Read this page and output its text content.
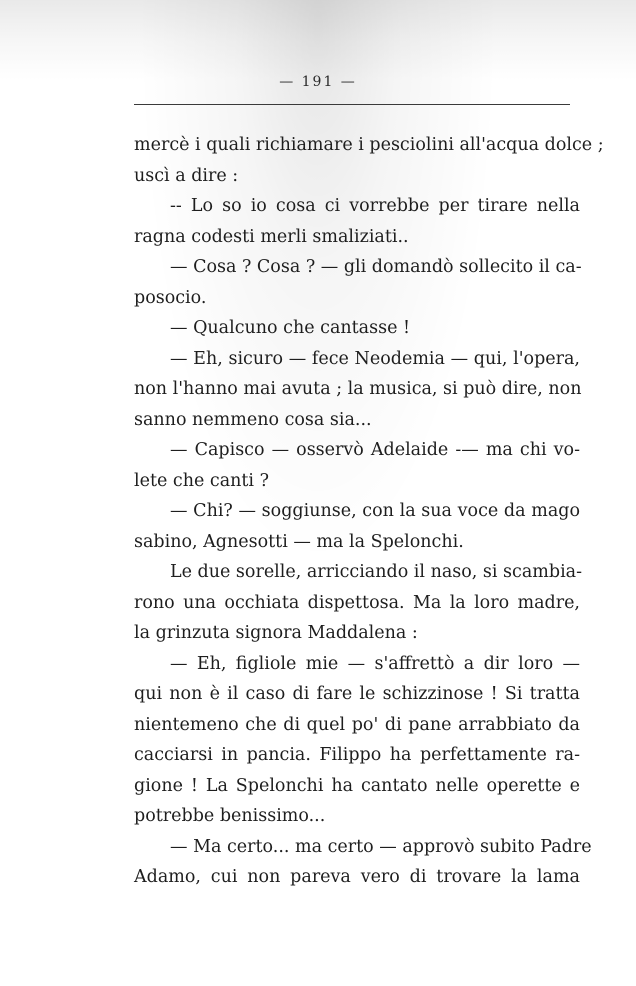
— 191 —
mercè i quali richiamare i pesciolini all'acqua dolce ;
uscì a dire :
-- Lo so io cosa ci vorrebbe per tirare nella
ragna codesti merli smaliziati..
— Cosa ? Cosa ? — gli domandò sollecito il ca-
posocio.
— Qualcuno che cantasse !
— Eh, sicuro — fece Neodemia — qui, l'opera,
non l'hanno mai avuta ; la musica, si può dire, non
sanno nemmeno cosa sia...
— Capisco — osservò Adelaide -— ma chi vo-
lete che canti ?
— Chi? — soggiunse, con la sua voce da mago
sabino, Agnesotti — ma la Spelonchi.
Le due sorelle, arricciando il naso, si scambia-
rono una occhiata dispettosa. Ma la loro madre,
la grinzuta signora Maddalena :
— Eh, figliole mie — s'affrettò a dir loro —
qui non è il caso di fare le schizzinose ! Si tratta
nientemeno che di quel po' di pane arrabbiato da
cacciarsi in pancia. Filippo ha perfettamente ra-
gione ! La Spelonchi ha cantato nelle operette e
potrebbe benissimo...
— Ma certo... ma certo — approvò subito Padre
Adamo, cui non pareva vero di trovare la lama
